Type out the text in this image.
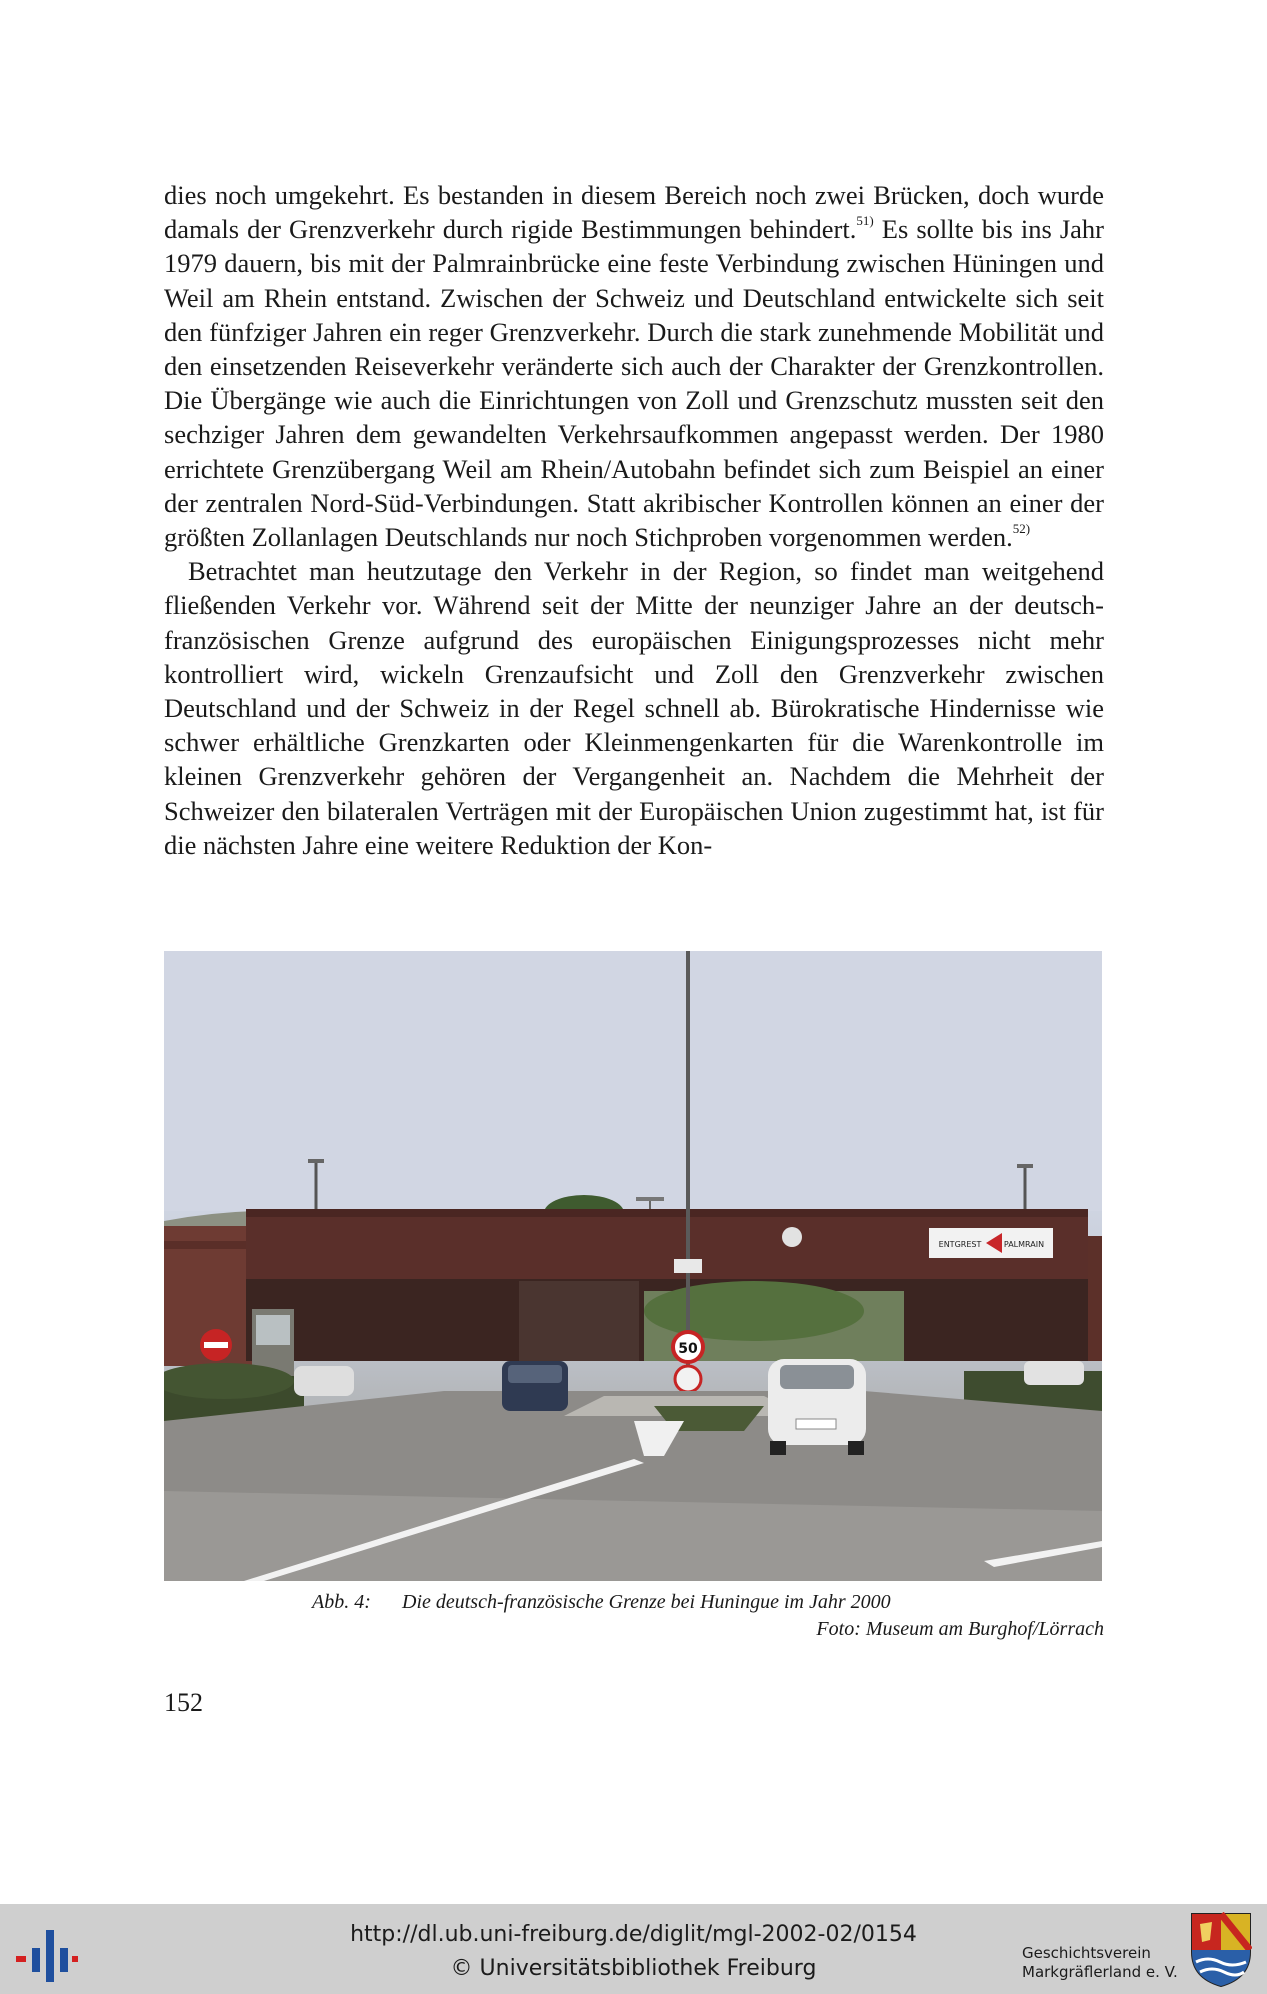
dies noch umgekehrt. Es bestanden in diesem Bereich noch zwei Brücken, doch wurde damals der Grenzverkehr durch rigide Bestimmungen behindert.$^{51)}$ Es sollte bis ins Jahr 1979 dauern, bis mit der Palmrainbrücke eine feste Verbindung zwischen Hüningen und Weil am Rhein entstand. Zwischen der Schweiz und Deutschland entwickelte sich seit den fünfziger Jahren ein reger Grenzverkehr. Durch die stark zunehmende Mobilität und den einsetzenden Reiseverkehr veränderte sich auch der Charakter der Grenzkontrollen. Die Übergänge wie auch die Einrichtungen von Zoll und Grenzschutz mussten seit den sechziger Jahren dem gewandelten Verkehrsaufkommen angepasst werden. Der 1980 errichtete Grenzübergang Weil am Rhein/Autobahn befindet sich zum Beispiel an einer der zentralen Nord-Süd-Verbindungen. Statt akribischer Kontrollen können an einer der größten Zollanlagen Deutschlands nur noch Stichproben vorgenommen werden.$^{52)}$

Betrachtet man heutzutage den Verkehr in der Region, so findet man weitgehend fließenden Verkehr vor. Während seit der Mitte der neunziger Jahre an der deutsch-französischen Grenze aufgrund des europäischen Einigungsprozesses nicht mehr kontrolliert wird, wickeln Grenzaufsicht und Zoll den Grenzverkehr zwischen Deutschland und der Schweiz in der Regel schnell ab. Bürokratische Hindernisse wie schwer erhältliche Grenzkarten oder Kleinmengenkarten für die Warenkontrolle im kleinen Grenzverkehr gehören der Vergangenheit an. Nachdem die Mehrheit der Schweizer den bilateralen Verträgen mit der Europäischen Union zugestimmt hat, ist für die nächsten Jahre eine weitere Reduktion der Kon-

ENTGREST	PALMRAIN
50
Abb. 4: Die deutsch-französische Grenze bei Huningue im Jahr 2000
Foto: Museum am Burghof/Lörrach
152
http://dl.ub.uni-freiburg.de/diglit/mgl-2002-02/0154
© Universitätsbibliothek Freiburg
Geschichtsverein
Markgräflerland e. V.
